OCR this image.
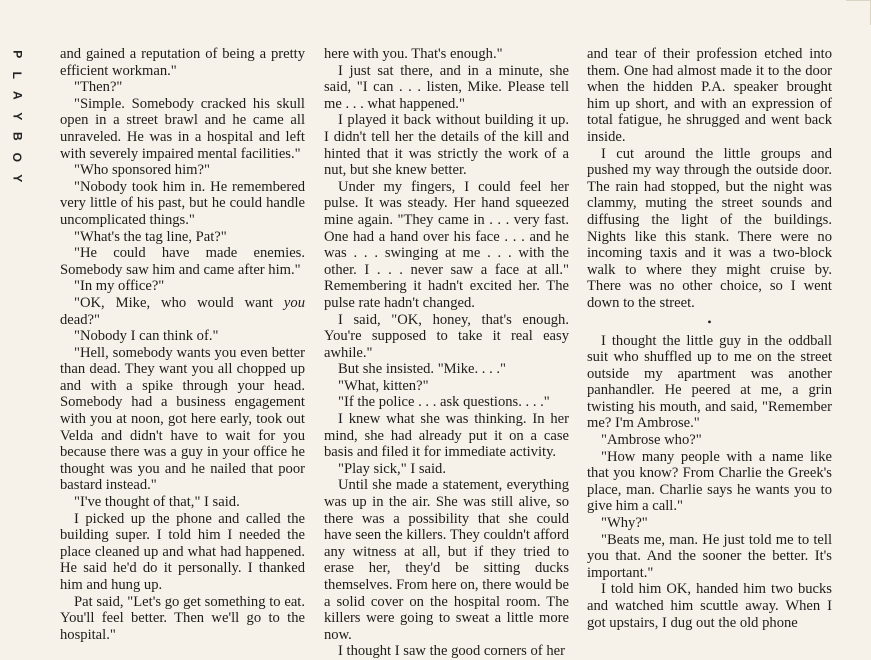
P
L
A
Y
B
O
Y

and gained a reputation of being a pretty efficient workman."

"Then?"

"Simple. Somebody cracked his skull open in a street brawl and he came all unraveled. He was in a hospital and left with severely impaired mental facilities."

"Who sponsored him?"

"Nobody took him in. He remembered very little of his past, but he could handle uncomplicated things."

"What's the tag line, Pat?"

"He could have made enemies. Somebody saw him and came after him."

"In my office?"

"OK, Mike, who would want you dead?"

"Nobody I can think of."

"Hell, somebody wants you even better than dead. They want you all chopped up and with a spike through your head. Somebody had a business engagement with you at noon, got here early, took out Velda and didn't have to wait for you because there was a guy in your office he thought was you and he nailed that poor bastard instead."

"I've thought of that," I said.

I picked up the phone and called the building super. I told him I needed the place cleaned up and what had happened. He said he'd do it personally. I thanked him and hung up.

Pat said, "Let's go get something to eat. You'll feel better. Then we'll go to the hospital."

here with you. That's enough."

I just sat there, and in a minute, she said, "I can . . . listen, Mike. Please tell me . . . what happened."

I played it back without building it up. I didn't tell her the details of the kill and hinted that it was strictly the work of a nut, but she knew better.

Under my fingers, I could feel her pulse. It was steady. Her hand squeezed mine again. "They came in . . . very fast. One had a hand over his face . . . and he was . . . swinging at me . . . with the other. I . . . never saw a face at all." Remembering it hadn't excited her. The pulse rate hadn't changed.

I said, "OK, honey, that's enough. You're supposed to take it real easy awhile."

But she insisted. "Mike. . . ."

"What, kitten?"

"If the police . . . ask questions. . . ."

I knew what she was thinking. In her mind, she had already put it on a case basis and filed it for immediate activity.

"Play sick," I said.

Until she made a statement, everything was up in the air. She was still alive, so there was a possibility that she could have seen the killers. They couldn't afford any witness at all, but if they tried to erase her, they'd be sitting ducks themselves. From here on, there would be a solid cover on the hospital room. The killers were going to sweat a little more now.

I thought I saw the good corners of her

and tear of their profession etched into them. One had almost made it to the door when the hidden P.A. speaker brought him up short, and with an expression of total fatigue, he shrugged and went back inside.

I cut around the little groups and pushed my way through the outside door. The rain had stopped, but the night was clammy, muting the street sounds and diffusing the light of the buildings. Nights like this stank. There were no incoming taxis and it was a two-block walk to where they might cruise by. There was no other choice, so I went down to the street.

•

I thought the little guy in the oddball suit who shuffled up to me on the street outside my apartment was another panhandler. He peered at me, a grin twisting his mouth, and said, "Remember me? I'm Ambrose."

"Ambrose who?"

"How many people with a name like that you know? From Charlie the Greek's place, man. Charlie says he wants you to give him a call."

"Why?"

"Beats me, man. He just told me to tell you that. And the sooner the better. It's important."

I told him OK, handed him two bucks and watched him scuttle away. When I got upstairs, I dug out the old phone
